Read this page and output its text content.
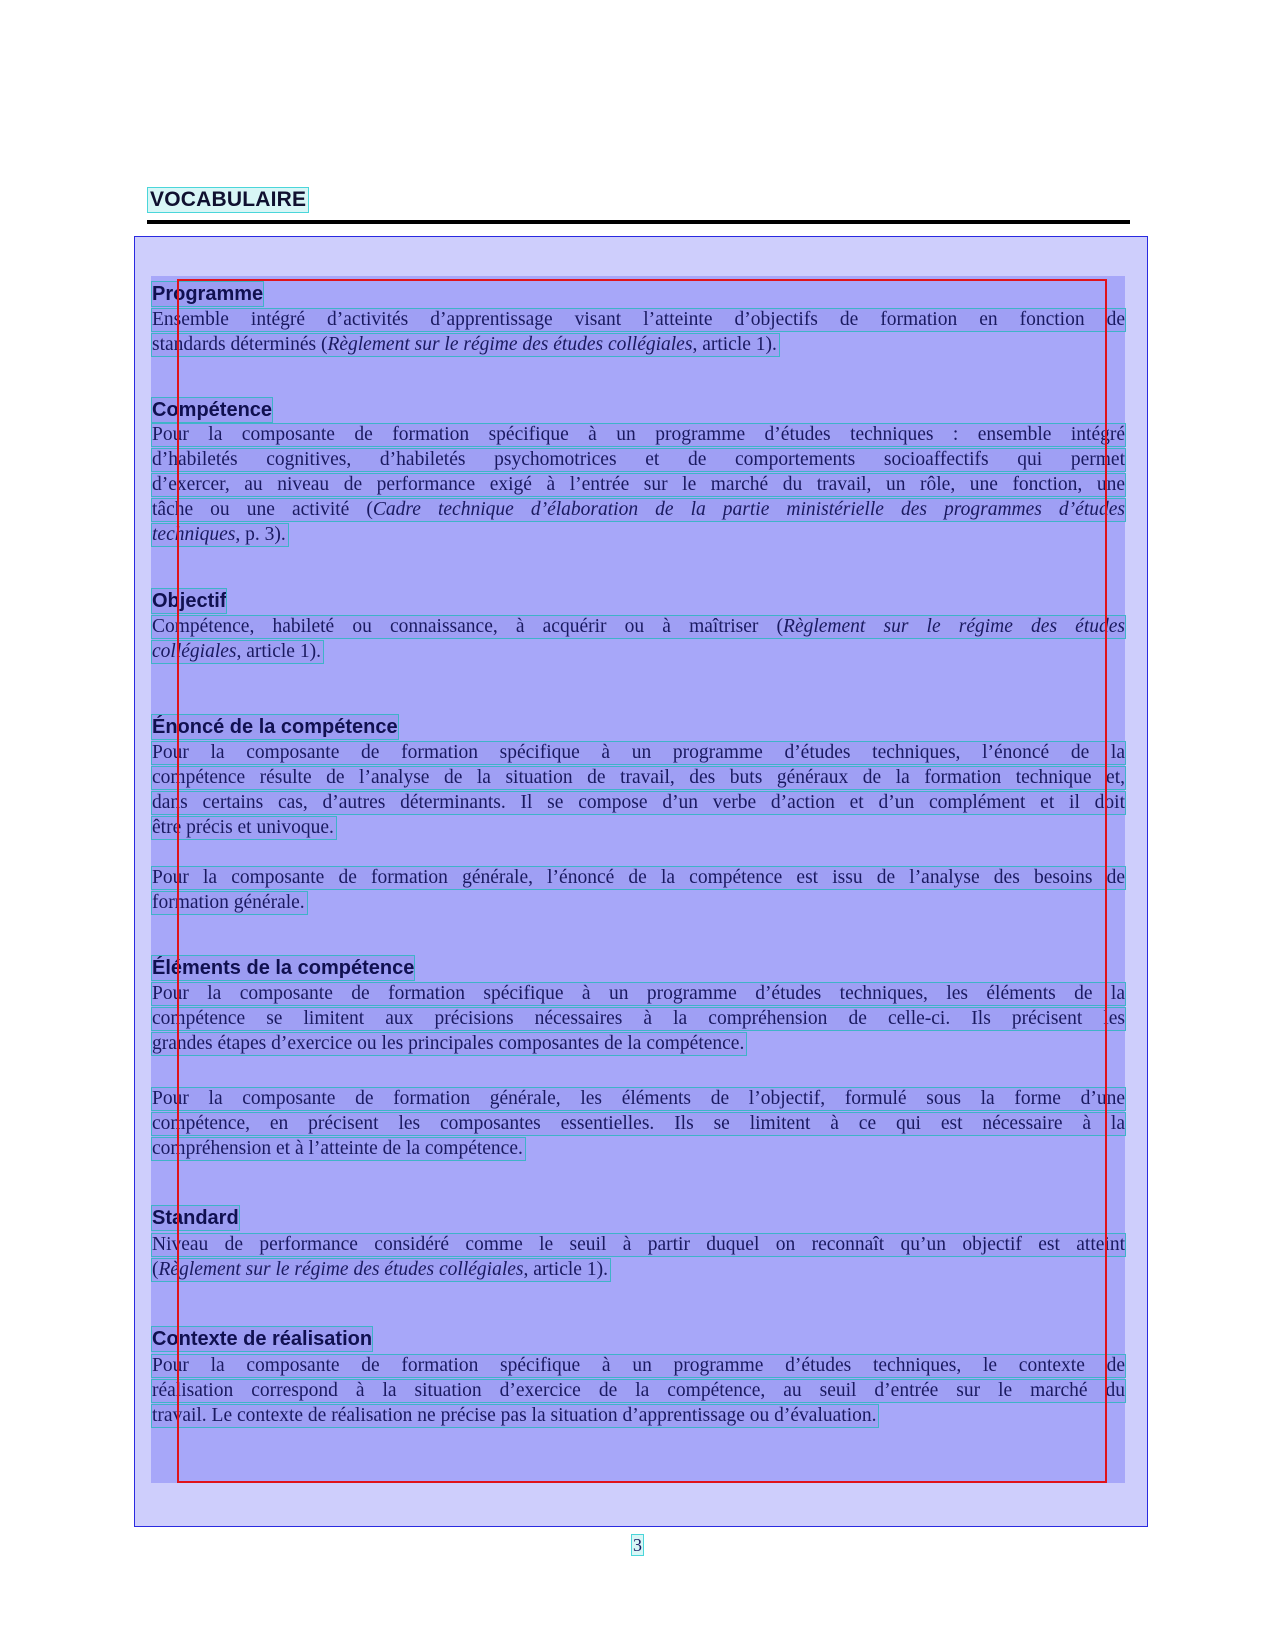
VOCABULAIRE
Programme
Ensemble intégré d’activités d’apprentissage visant l’atteinte d’objectifs de formation en fonction de
standards déterminés (Règlement sur le régime des études collégiales, article 1).
Compétence
Pour la composante de formation spécifique à un programme d’études techniques : ensemble intégré
d’habiletés cognitives, d’habiletés psychomotrices et de comportements socioaffectifs qui permet
d’exercer, au niveau de performance exigé à l’entrée sur le marché du travail, un rôle, une fonction, une
tâche ou une activité (Cadre technique d’élaboration de la partie ministérielle des programmes d’études
techniques, p. 3).
Objectif
Compétence, habileté ou connaissance, à acquérir ou à maîtriser (Règlement sur le régime des études
collégiales, article 1).
Énoncé de la compétence
Pour la composante de formation spécifique à un programme d’études techniques, l’énoncé de la
compétence résulte de l’analyse de la situation de travail, des buts généraux de la formation technique et,
dans certains cas, d’autres déterminants. Il se compose d’un verbe d’action et d’un complément et il doit
être précis et univoque.
Pour la composante de formation générale, l’énoncé de la compétence est issu de l’analyse des besoins de
formation générale.
Éléments de la compétence
Pour la composante de formation spécifique à un programme d’études techniques, les éléments de la
compétence se limitent aux précisions nécessaires à la compréhension de celle-ci. Ils précisent les
grandes étapes d’exercice ou les principales composantes de la compétence.
Pour la composante de formation générale, les éléments de l’objectif, formulé sous la forme d’une
compétence, en précisent les composantes essentielles. Ils se limitent à ce qui est nécessaire à la
compréhension et à l’atteinte de la compétence.
Standard
Niveau de performance considéré comme le seuil à partir duquel on reconnaît qu’un objectif est atteint
(Règlement sur le régime des études collégiales, article 1).
Contexte de réalisation
Pour la composante de formation spécifique à un programme d’études techniques, le contexte de
réalisation correspond à la situation d’exercice de la compétence, au seuil d’entrée sur le marché du
travail. Le contexte de réalisation ne précise pas la situation d’apprentissage ou d’évaluation.
3
